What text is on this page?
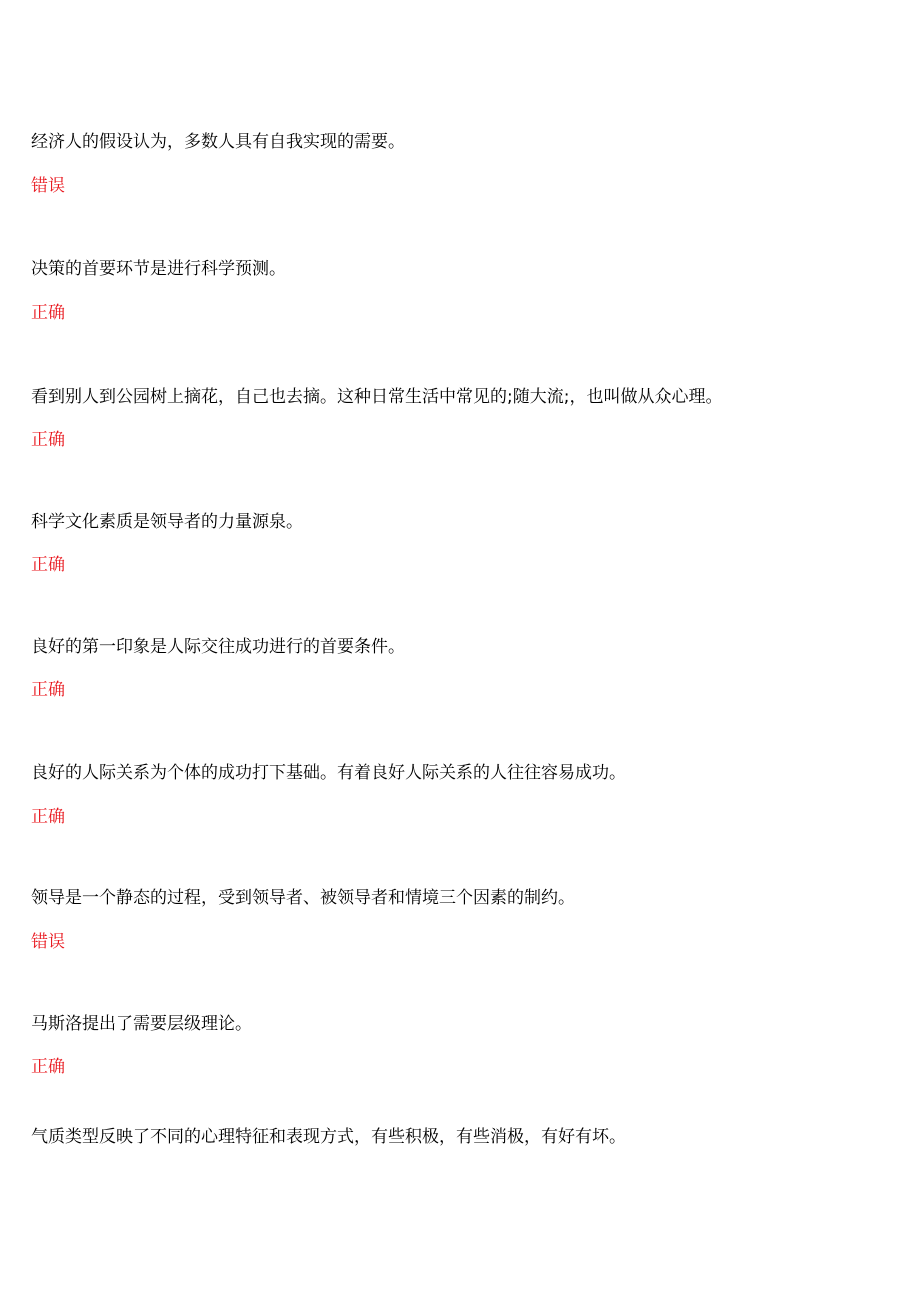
经济人的假设认为，多数人具有自我实现的需要。
错误
决策的首要环节是进行科学预测。
正确
看到别人到公园树上摘花，自己也去摘。这种日常生活中常见的;随大流;，也叫做从众心理。
正确
科学文化素质是领导者的力量源泉。
正确
良好的第一印象是人际交往成功进行的首要条件。
正确
良好的人际关系为个体的成功打下基础。有着良好人际关系的人往往容易成功。
正确
领导是一个静态的过程，受到领导者、被领导者和情境三个因素的制约。
错误
马斯洛提出了需要层级理论。
正确
气质类型反映了不同的心理特征和表现方式，有些积极，有些消极，有好有坏。
